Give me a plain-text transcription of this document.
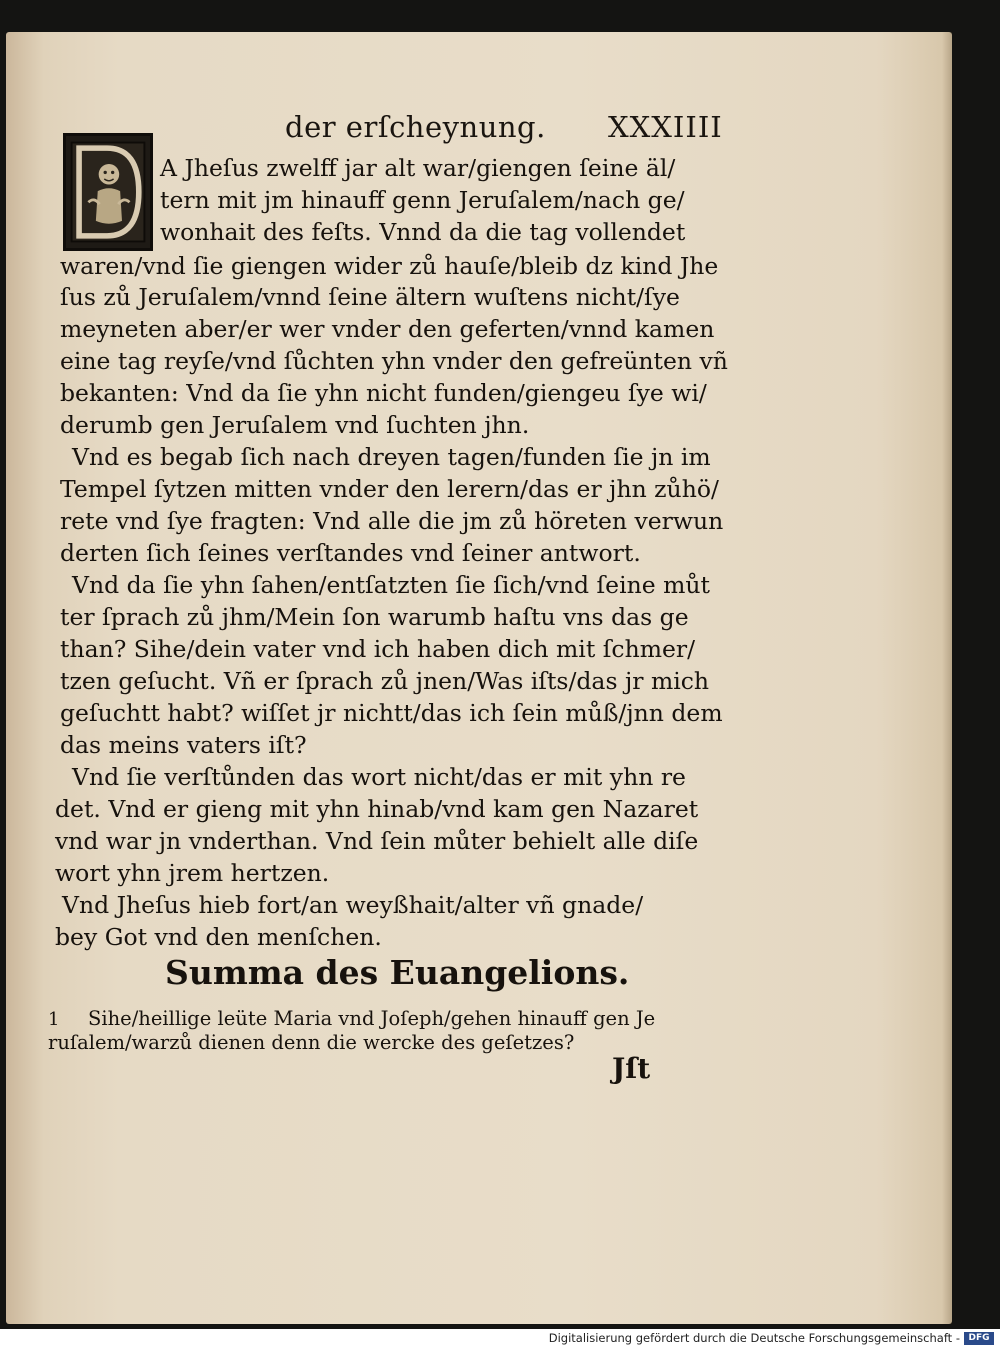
der erſcheynung. XXXIIII
A Jheſus zwelff jar alt war/giengen ſeine äl/
tern mit jm hinauff genn Jeruſalem/nach ge/
wonhait des feſts. Vnnd da die tag vollendet
waren/vnd ſie giengen wider zů hauſe/bleib dz kind Jhe
ſus zů Jeruſalem/vnnd ſeine ältern wuſtens nicht/ſye
meyneten aber/er wer vnder den geferten/vnnd kamen
eine tag reyſe/vnd ſůchten yhn vnder den gefreünten vñ
bekanten: Vnd da ſie yhn nicht funden/giengeu ſye wi/
derumb gen Jeruſalem vnd ſuchten jhn.
Vnd es begab ſich nach dreyen tagen/funden ſie jn im
Tempel ſytzen mitten vnder den lerern/das er jhn zůhö/
rete vnd ſye fragten: Vnd alle die jm zů höreten verwun
derten ſich ſeines verſtandes vnd ſeiner antwort.
Vnd da ſie yhn ſahen/entſatzten ſie ſich/vnd ſeine můt
ter ſprach zů jhm/Mein ſon warumb haſtu vns das ge
than? Sihe/dein vater vnd ich haben dich mit ſchmer/
tzen geſucht. Vñ er ſprach zů jnen/Was iſts/das jr mich
geſuchtt habt? wiſſet jr nichtt/das ich ſein můß/jnn dem
das meins vaters iſt?
Vnd ſie verſtůnden das wort nicht/das er mit yhn re
det. Vnd er gieng mit yhn hinab/vnd kam gen Nazaret
vnd war jn vnderthan. Vnd ſein můter behielt alle diſe
wort yhn jrem hertzen.
Vnd Jheſus hieb fort/an weyßhait/alter vñ gnade/
bey Got vnd den menſchen.
Summa des Euangelions.
1	Sihe/heillige leüte Maria vnd Joſeph/gehen hinauff gen Je
ruſalem/warzů dienen denn die wercke des geſetzes?
Jſt
Digitalisierung gefördert durch die Deutsche Forschungsgemeinschaft - DFG
